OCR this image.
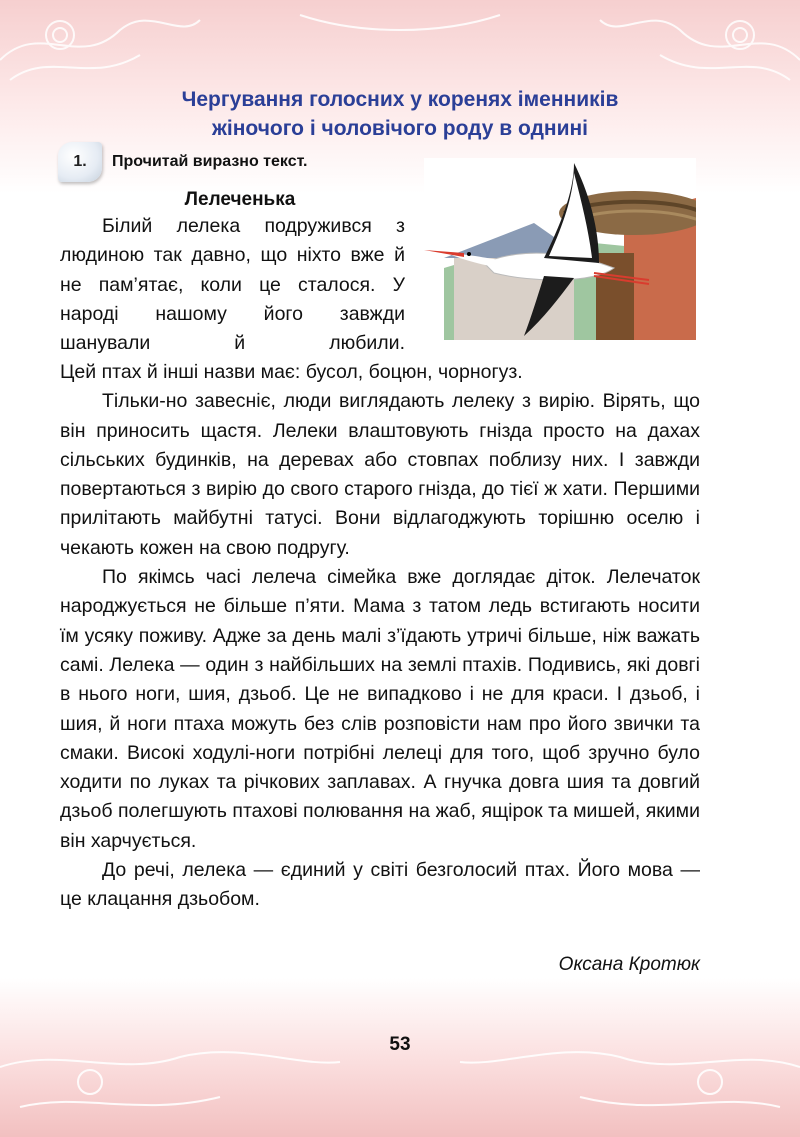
Чергування голосних у коренях іменників
жіночого і чоловічого роду в однині
1.	Прочитай виразно текст.
Лелеченька

Білий лелека подружився з людиною так давно, що ніхто вже й не пам’ятає, коли це сталося. У народі нашому його завжди шанували й любили.

Цей птах й інші назви має: бусол, боцюн, чорногуз.

Тільки-но завесніє, люди виглядають лелеку з вирію. Вірять, що він приносить щастя. Лелеки влаштовують гнізда просто на дахах сільських будинків, на деревах або стовпах поблизу них. І завжди повертаються з вирію до свого старого гнізда, до тієї ж хати. Першими прилітають майбутні татусі. Вони відлагоджують торішню оселю і чекають кожен на свою подругу.

По якімсь часі лелеча сімейка вже доглядає діток. Лелечаток народжується не більше п’яти. Мама з татом ледь встигають носити їм усяку поживу. Адже за день малі з’їдають утричі більше, ніж важать самі. Лелека — один з найбільших на землі птахів. Подивись, які довгі в нього ноги, шия, дзьоб. Це не випадково і не для краси. І дзьоб, і шия, й ноги птаха можуть без слів розповісти нам про його звички та смаки. Високі ходулі-ноги потрібні лелеці для того, щоб зручно було ходити по луках та річкових заплавах. А гнучка довга шия та довгий дзьоб полегшують птахові полювання на жаб, ящірок та мишей, якими він харчується.

До речі, лелека — єдиний у світі безголосий птах. Його мова — це клацання дзьобом.

Оксана Кротюк
53
